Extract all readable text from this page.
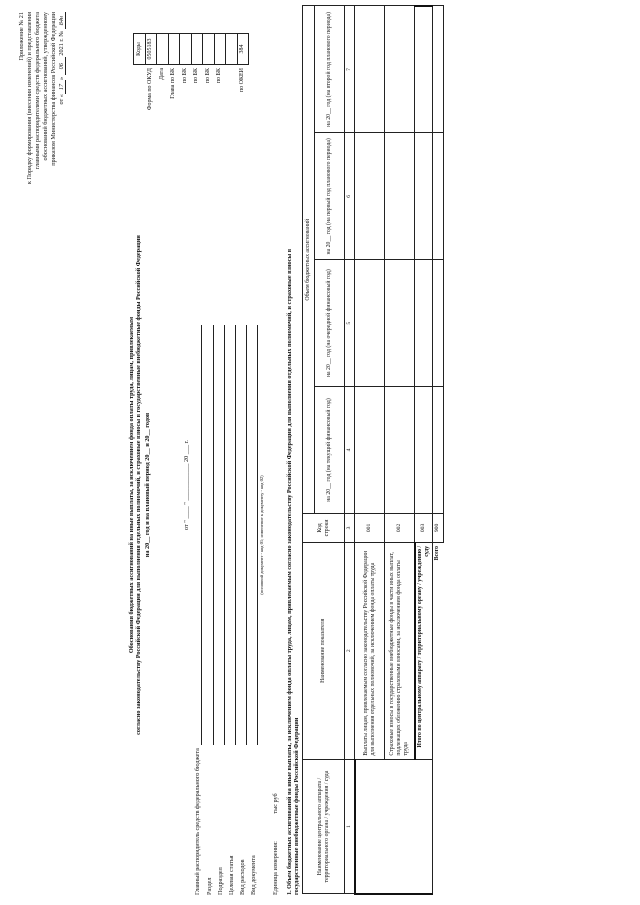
Приложение № 21 к Порядку формирования (внесения изменений) и представления главными распорядителями средств федерального бюджета обоснований бюджетных ассигнований, утвержденному приказом Министерства финансов Российской Федерации от «17» 06 2021 г. № 84н
Обоснования бюджетных ассигнований на иные выплаты, за исключением фонда оплаты труда, лицам, привлекаемым согласно законодательству Российской Федерации для выполнения отдельных полномочий, и страховые взносы в государственные внебюджетные фонды Российской Федерации на 20__ год и на плановый период 20__ и 20__ годов	от " ____ " ____________ 20 ___ г.
Главный распорядитель средств федерального бюджета Раздел Подраздел Целевая статья Вид расходов Вид документа
(основной документ - код 01; изменение к документу - код 02)
Единица измерения: тыс руб
	Коды
Форма по ОКУД	0505183
Дата	
Глава по БК	
по БК	
по БК	
по БК	
по БК	

по ОКЕИ	384
1. Объем бюджетных ассигнований на иные выплаты, за исключением фонда оплаты труда, лицам, привлекаемым согласно законодательству Российской Федерации для выполнения отдельных полномочий, и страховые взносы в государственные внебюджетные фонды Российской Федерации	Наименование центрального аппарата / территориального органа / учреждения / суда	Наименование показателя	Код строки	Объем бюджетных ассигнований			
			на 20__ год (на текущий финансовый год)	на 20__ год (на очередной финансовый год)	на 20__ год (на первый год планового периода)	на 20__ год (на второй год планового периода)
1	2	3	4	5	6	7
	Выплаты лицам, привлекаемым согласно законодательству Российской Федерации для выполнения отдельных полномочий, за исключением фонда оплаты труда	001				
	Страховые взносы в государственные внебюджетные фонды в части иных выплат, подлежащих обложению страховыми взносами, за исключением фонда оплаты труда	002				
	Итого по центральному аппарату / территориальному органу / учреждению / суду	003				
	Всего	900				
